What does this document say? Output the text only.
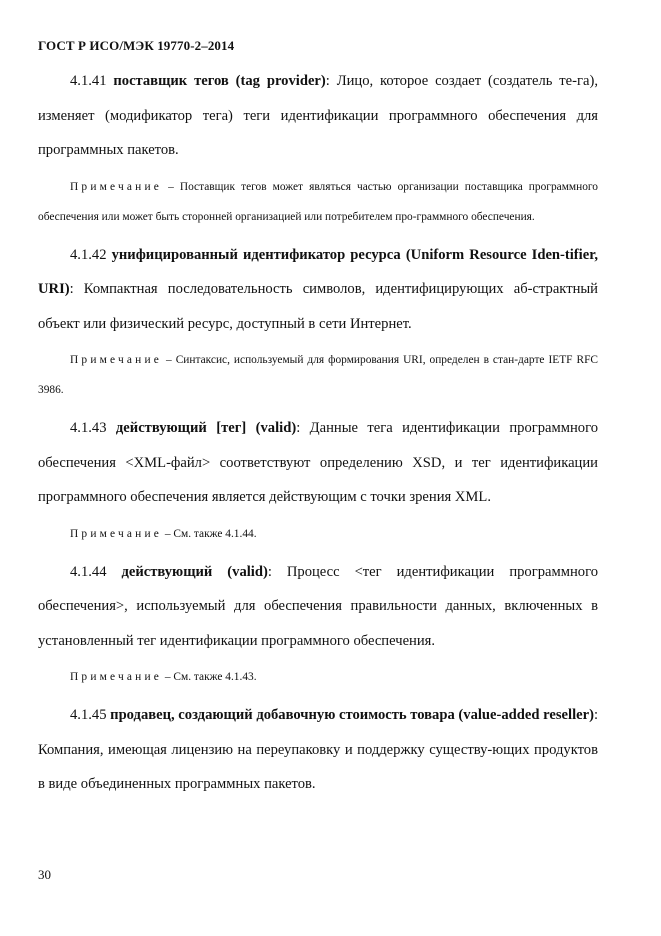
ГОСТ Р ИСО/МЭК 19770-2–2014

4.1.41 поставщик тегов (tag provider): Лицо, которое создает (создатель те-га), изменяет (модификатор тега) теги идентификации программного обеспечения для программных пакетов.

Примечание – Поставщик тегов может являться частью организации поставщика программного обеспечения или может быть сторонней организацией или потребителем про-граммного обеспечения.

4.1.42 унифицированный идентификатор ресурса (Uniform Resource Iden-tifier, URI): Компактная последовательность символов, идентифицирующих аб-страктный объект или физический ресурс, доступный в сети Интернет.

Примечание – Синтаксис, используемый для формирования URI, определен в стан-дарте IETF RFC 3986.

4.1.43 действующий [тег] (valid): Данные тега идентификации программного обеспечения <XML-файл> соответствуют определению XSD, и тег идентификации программного обеспечения является действующим с точки зрения XML.

Примечание – См. также 4.1.44.

4.1.44 действующий (valid): Процесс <тег идентификации программного обеспечения>, используемый для обеспечения правильности данных, включенных в установленный тег идентификации программного обеспечения.

Примечание – См. также 4.1.43.

4.1.45 продавец, создающий добавочную стоимость товара (value-added reseller): Компания, имеющая лицензию на переупаковку и поддержку существу-ющих продуктов в виде объединенных программных пакетов.

30
